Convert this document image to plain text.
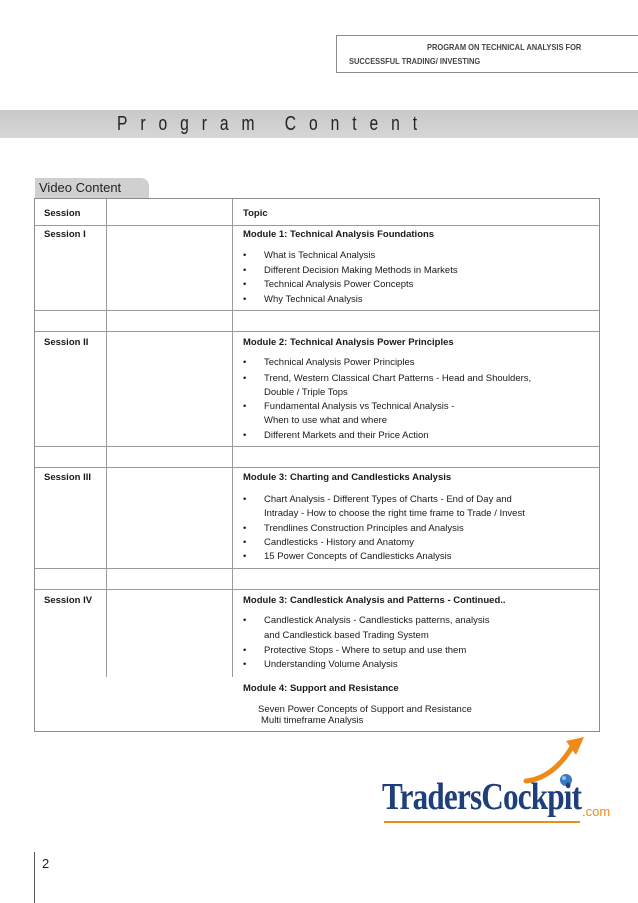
PROGRAM ON TECHNICAL ANALYSIS FOR
SUCCESSFUL TRADING/ INVESTING
Program Content
Video Content
Session	Topic
Session I	Module 1: Technical Analysis Foundations
• What is Technical Analysis
• Different Decision Making Methods in Markets
• Technical Analysis Power Concepts
• Why Technical Analysis
Session II	Module 2: Technical Analysis Power Principles
• Technical Analysis Power Principles
• Trend, Western Classical Chart Patterns - Head and Shoulders,
Double / Triple Tops
• Fundamental Analysis vs Technical Analysis -
When to use what and where
• Different Markets and their Price Action
Session III	Module 3: Charting and Candlesticks Analysis
• Chart Analysis - Different Types of Charts - End of Day and
Intraday - How to choose the right time frame to Trade / Invest
• Trendlines Construction Principles and Analysis
• Candlesticks - History and Anatomy
• 15 Power Concepts of Candlesticks Analysis
Session IV	Module 3: Candlestick Analysis and Patterns - Continued..
• Candlestick Analysis - Candlesticks patterns, analysis
and Candlestick based Trading System
• Protective Stops - Where to setup and use them
• Understanding Volume Analysis
Module 4: Support and Resistance
Seven Power Concepts of Support and Resistance
Multi timeframe Analysis
TradersCockpit .com
2
